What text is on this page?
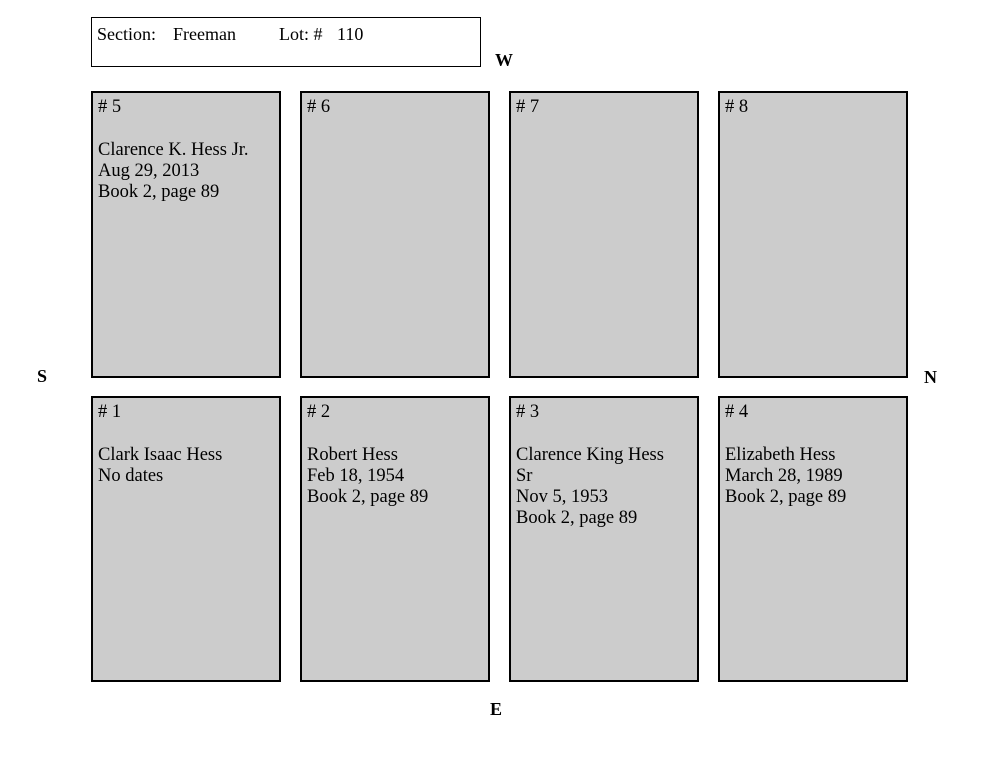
Section: Freeman Lot: # 110
W
S	N
E
# 5
Clarence K. Hess Jr.
Aug 29, 2013
Book 2, page 89
# 6	# 7	# 8
# 1
Clark Isaac Hess
No dates
# 2
Robert Hess
Feb 18, 1954
Book 2, page 89
# 3
Clarence King Hess
Sr
Nov 5, 1953
Book 2, page 89
# 4
Elizabeth Hess
March 28, 1989
Book 2, page 89
